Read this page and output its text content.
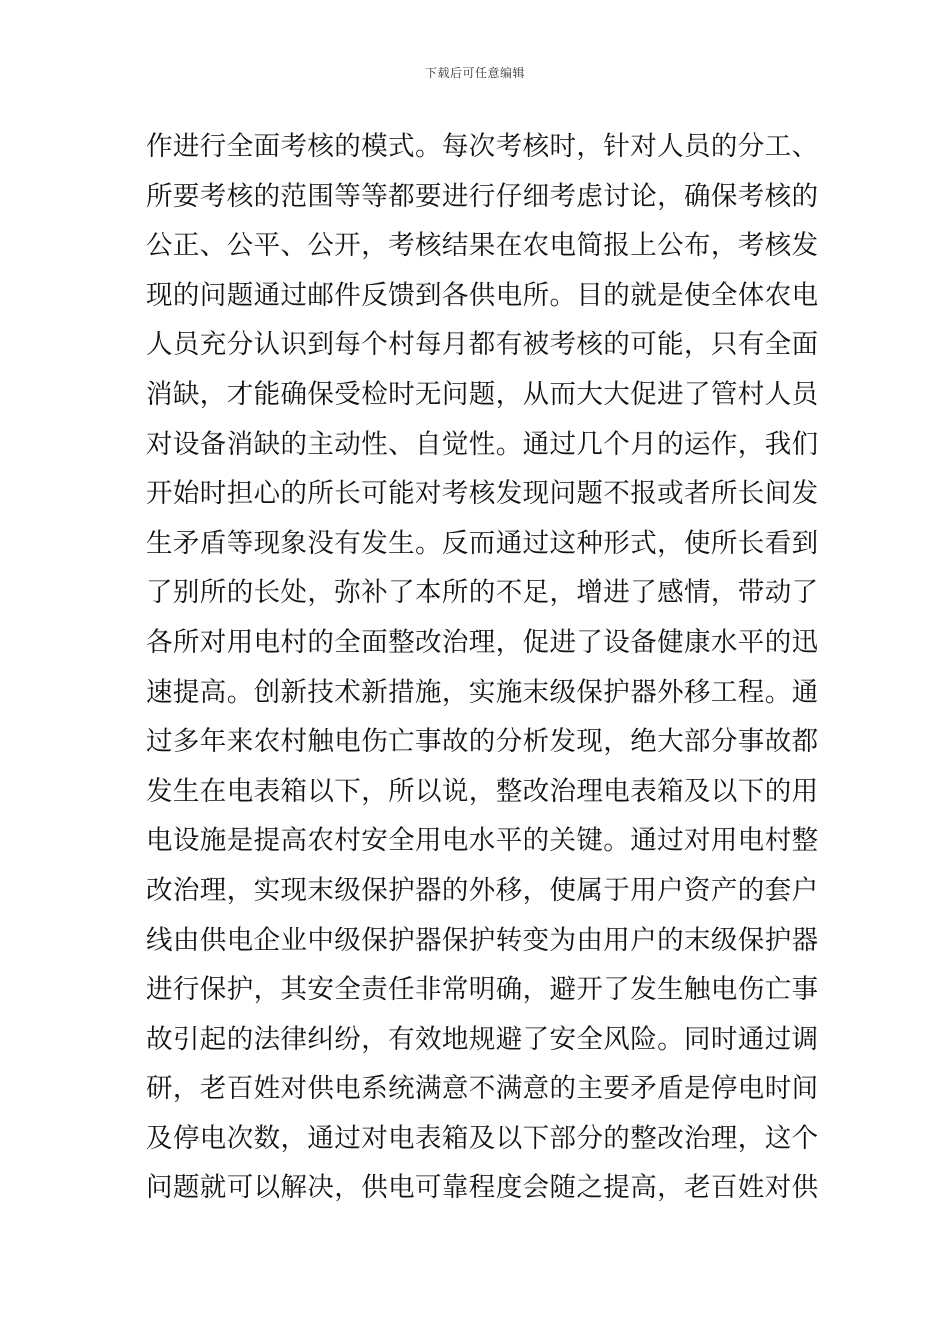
下载后可任意编辑
作进行全面考核的模式。每次考核时，针对人员的分工、
所要考核的范围等等都要进行仔细考虑讨论，确保考核的
公正、公平、公开，考核结果在农电简报上公布，考核发
现的问题通过邮件反馈到各供电所。目的就是使全体农电
人员充分认识到每个村每月都有被考核的可能，只有全面
消缺，才能确保受检时无问题，从而大大促进了管村人员
对设备消缺的主动性、自觉性。通过几个月的运作，我们
开始时担心的所长可能对考核发现问题不报或者所长间发
生矛盾等现象没有发生。反而通过这种形式，使所长看到
了别所的长处，弥补了本所的不足，增进了感情，带动了
各所对用电村的全面整改治理，促进了设备健康水平的迅
速提高。创新技术新措施，实施末级保护器外移工程。通
过多年来农村触电伤亡事故的分析发现，绝大部分事故都
发生在电表箱以下，所以说，整改治理电表箱及以下的用
电设施是提高农村安全用电水平的关键。通过对用电村整
改治理，实现末级保护器的外移，使属于用户资产的套户
线由供电企业中级保护器保护转变为由用户的末级保护器
进行保护，其安全责任非常明确，避开了发生触电伤亡事
故引起的法律纠纷，有效地规避了安全风险。同时通过调
研，老百姓对供电系统满意不满意的主要矛盾是停电时间
及停电次数，通过对电表箱及以下部分的整改治理，这个
问题就可以解决，供电可靠程度会随之提高，老百姓对供
